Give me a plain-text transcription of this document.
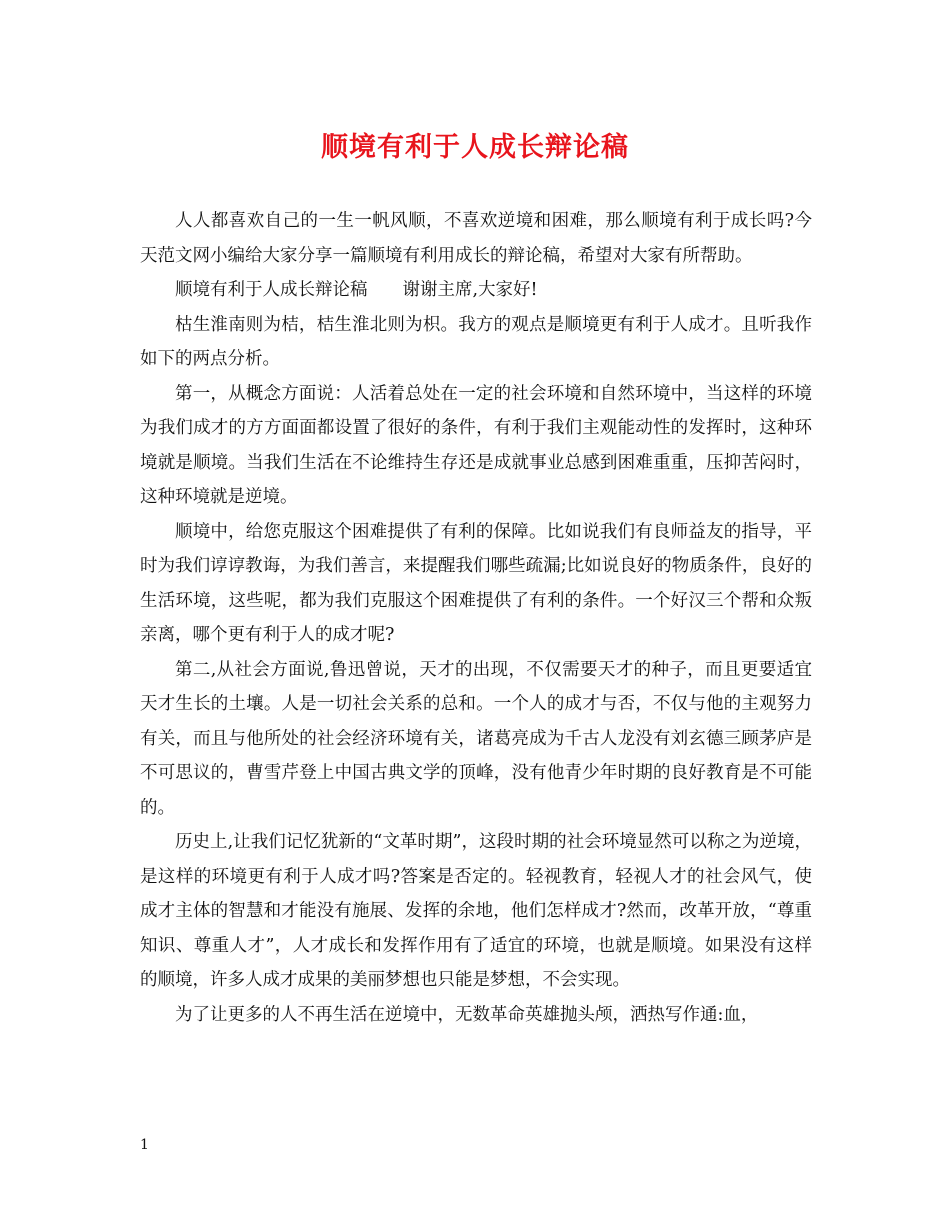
顺境有利于人成长辩论稿

人人都喜欢自己的一生一帆风顺，不喜欢逆境和困难，那么顺境有利于成长吗?今天范文网小编给大家分享一篇顺境有利用成长的辩论稿，希望对大家有所帮助。

顺境有利于人成长辩论稿　　谢谢主席,大家好!

枯生淮南则为桔，桔生淮北则为枳。我方的观点是顺境更有利于人成才。且听我作如下的两点分析。

第一，从概念方面说：人活着总处在一定的社会环境和自然环境中，当这样的环境为我们成才的方方面面都设置了很好的条件，有利于我们主观能动性的发挥时，这种环境就是顺境。当我们生活在不论维持生存还是成就事业总感到困难重重，压抑苦闷时，这种环境就是逆境。

顺境中，给您克服这个困难提供了有利的保障。比如说我们有良师益友的指导，平时为我们谆谆教诲，为我们善言，来提醒我们哪些疏漏;比如说良好的物质条件，良好的生活环境，这些呢，都为我们克服这个困难提供了有利的条件。一个好汉三个帮和众叛亲离，哪个更有利于人的成才呢?

第二,从社会方面说,鲁迅曾说，天才的出现，不仅需要天才的种子，而且更要适宜天才生长的土壤。人是一切社会关系的总和。一个人的成才与否，不仅与他的主观努力有关，而且与他所处的社会经济环境有关，诸葛亮成为千古人龙没有刘玄德三顾茅庐是不可思议的，曹雪芹登上中国古典文学的顶峰，没有他青少年时期的良好教育是不可能的。

历史上,让我们记忆犹新的“文革时期”，这段时期的社会环境显然可以称之为逆境，是这样的环境更有利于人成才吗?答案是否定的。轻视教育，轻视人才的社会风气，使成才主体的智慧和才能没有施展、发挥的余地，他们怎样成才?然而，改革开放，“尊重知识、尊重人才”，人才成长和发挥作用有了适宜的环境，也就是顺境。如果没有这样的顺境，许多人成才成果的美丽梦想也只能是梦想，不会实现。

为了让更多的人不再生活在逆境中，无数革命英雄抛头颅，洒热写作通:血，

1
